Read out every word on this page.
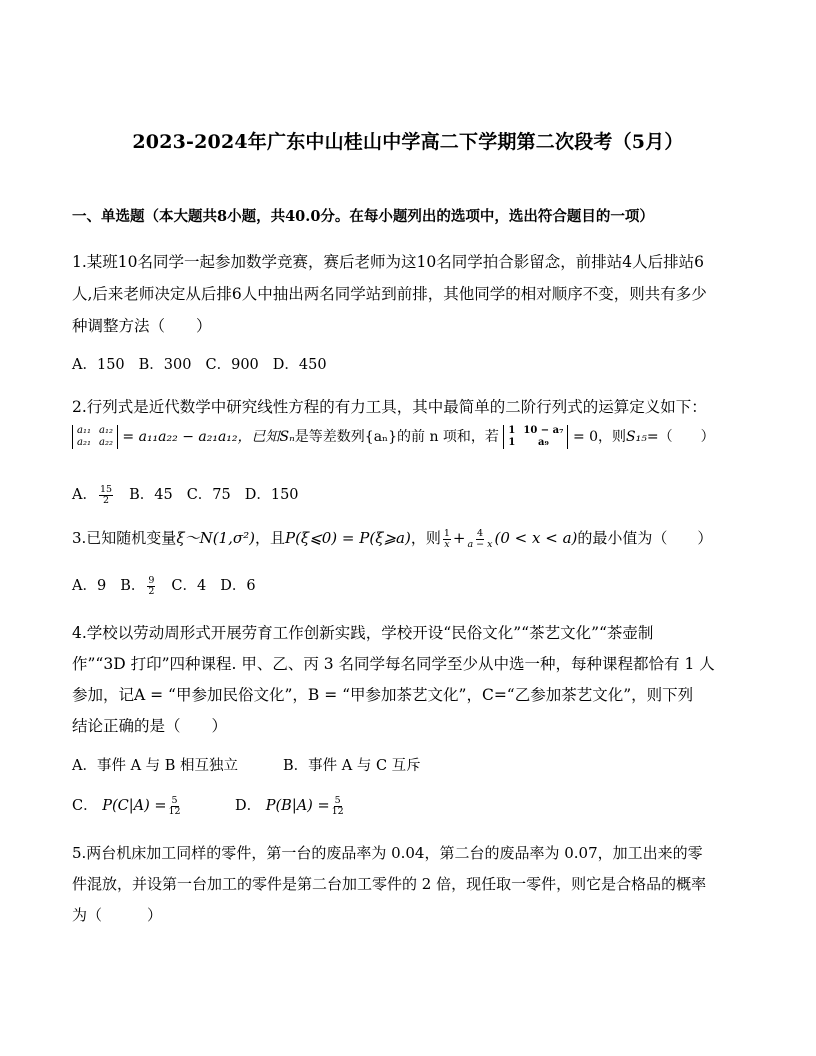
2023-2024年广东中山桂山中学高二下学期第二次段考（5月）
一、单选题（本大题共8小题，共40.0分。在每小题列出的选项中，选出符合题目的一项）
1.某班10名同学一起参加数学竞赛，赛后老师为这10名同学拍合影留念，前排站4人后排站6
人,后来老师决定从后排6人中抽出两名同学站到前排，其他同学的相对顺序不变，则共有多少
种调整方法（　　）
A．150 B．300 C．900 D．450
2.行列式是近代数学中研究线性方程的有力工具，其中最简单的二阶行列式的运算定义如下：
a₁₁ a₁₂
a₂₁ a₂₂ = a₁₁a₂₂ − a₂₁a₁₂，已知Sₙ是等差数列{aₙ}的前 n 项和，若 1 10 − a₇
1	a₉	= 0，则S₁₅=（　　）
A． $\frac{15}{2}$ B．45 C．75 D．150
3.已知随机变量ξ～N(1,σ²)，且P(ξ⩽0) = P(ξ⩾a)，则 $\frac{1}{x} + \frac{4}{a - x} (0 < x < a)$的最小值为（　　）
A．9 B． $\frac{9}{2}$ C．4 D．6
4.学校以劳动周形式开展劳育工作创新实践，学校开设“民俗文化”“茶艺文化”“茶壶制
作”“3D 打印”四种课程. 甲、乙、丙 3 名同学每名同学至少从中选一种，每种课程都恰有 1 人
参加，记A = “甲参加民俗文化”，B = “甲参加茶艺文化”，C=“乙参加茶艺文化”，则下列
结论正确的是（　　）
A．事件 A 与 B 相互独立	B．事件 A 与 C 互斥
C． $P(C|A) = \frac{5}{12}$	D． $P(B|A) = \frac{5}{12}$
5.两台机床加工同样的零件，第一台的废品率为 0.04，第二台的废品率为 0.07，加工出来的零
件混放，并设第一台加工的零件是第二台加工零件的 2 倍，现任取一零件，则它是合格品的概率
为（　　　）
